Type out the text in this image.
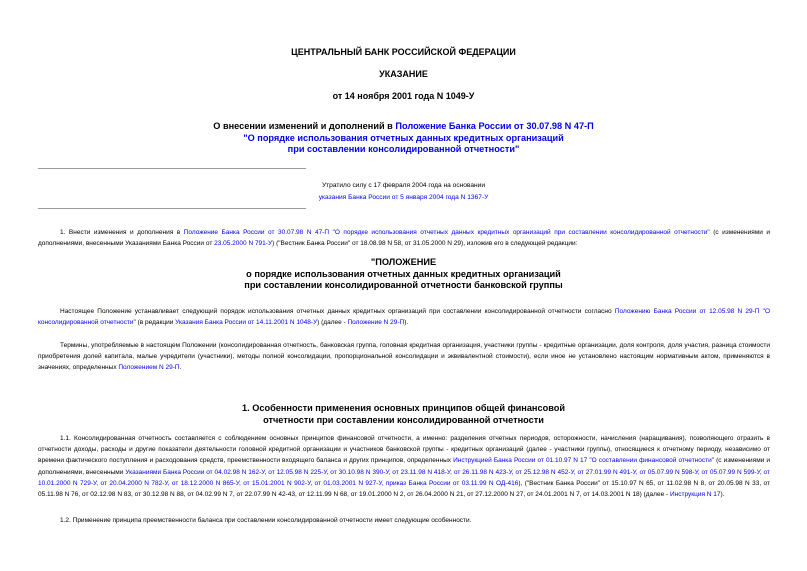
ЦЕНТРАЛЬНЫЙ БАНК РОССИЙСКОЙ ФЕДЕРАЦИИ
УКАЗАНИЕ
от 14 ноября 2001 года N 1049-У
О внесении изменений и дополнений в Положение Банка России от 30.07.98 N 47-П
"О порядке использования отчетных данных кредитных организаций
при составлении консолидированной отчетности"
Утратило силу с 17 февраля 2004 года на основании
указания Банка России от 5 января 2004 года N 1367-У
1. Внести изменения и дополнения в Положение Банка России от 30.07.98 N 47-П "О порядке использования отчетных данных кредитных организаций при составлении консолидированной отчетности" (с изменениями и дополнениями, внесенными Указаниями Банка России от 23.05.2000 N 791-У) ("Вестник Банка России" от 18.08.98 N 58, от 31.05.2000 N 29), изложив его в следующей редакции:
"ПОЛОЖЕНИЕ
о порядке использования отчетных данных кредитных организаций
при составлении консолидированной отчетности банковской группы
Настоящее Положение устанавливает следующий порядок использования отчетных данных кредитных организаций при составлении консолидированной отчетности согласно Положению Банка России от 12.05.98 N 29-П "О консолидированной отчетности" (в редакции Указания Банка России от 14.11.2001 N 1048-У) (далее - Положение N 29-П).
Термины, употребляемые в настоящем Положении (консолидированная отчетность, банковская группа, головная кредитная организация, участники группы - кредитные организации, доля контроля, доля участия, разница стоимости приобретения долей капитала, малые учредители (участники), методы полной консолидации, пропорциональной консолидации и эквивалентной стоимости), если иное не установлено настоящим нормативным актом, применяются в значениях, определенных Положением N 29-П.
1. Особенности применения основных принципов общей финансовой
отчетности при составлении консолидированной отчетности
1.1. Консолидированная отчетность составляется с соблюдением основных принципов финансовой отчетности, а именно: разделения отчетных периодов, осторожности, начисления (наращивания), позволяющего отразить в отчетности доходы, расходы и другие показатели деятельности головной кредитной организации и участников банковской группы - кредитных организаций (далее - участники группы), относящиеся к отчетному периоду, независимо от времени фактического поступления и расходования средств, преемственности входящего баланса и других принципов, определенных Инструкцией Банка России от 01.10.97 N 17 "О составлении финансовой отчетности" (с изменениями и дополнениями, внесенными Указаниями Банка России от 04.02.98 N 162-У, от 12.05.98 N 225-У, от 30.10.98 N 390-У, от 23.11.98 N 418-У, от 26.11.98 N 423-У, от 25.12.98 N 452-У, от 27.01.99 N 491-У, от 05.07.99 N 598-У, от 05.07.99 N 599-У, от 10.01.2000 N 729-У, от 20.04.2000 N 782-У, от 18.12.2000 N 865-У, от 15.01.2001 N 902-У, от 01.03.2001 N 927-У, приказ Банка России от 03.11.99 N ОД-416), ("Вестник Банка России" от 15.10.97 N 65, от 11.02.98 N 8, от 20.05.98 N 33, от 05.11.98 N 76, от 02.12.98 N 83, от 30.12.98 N 88, от 04.02.99 N 7, от 22.07.99 N 42-43, от 12.11.99 N 68, от 19.01.2000 N 2, от 26.04.2000 N 21, от 27.12.2000 N 27, от 24.01.2001 N 7, от 14.03.2001 N 18) (далее - Инструкция N 17).
1.2. Применение принципа преемственности баланса при составлении консолидированной отчетности имеет следующие особенности.
